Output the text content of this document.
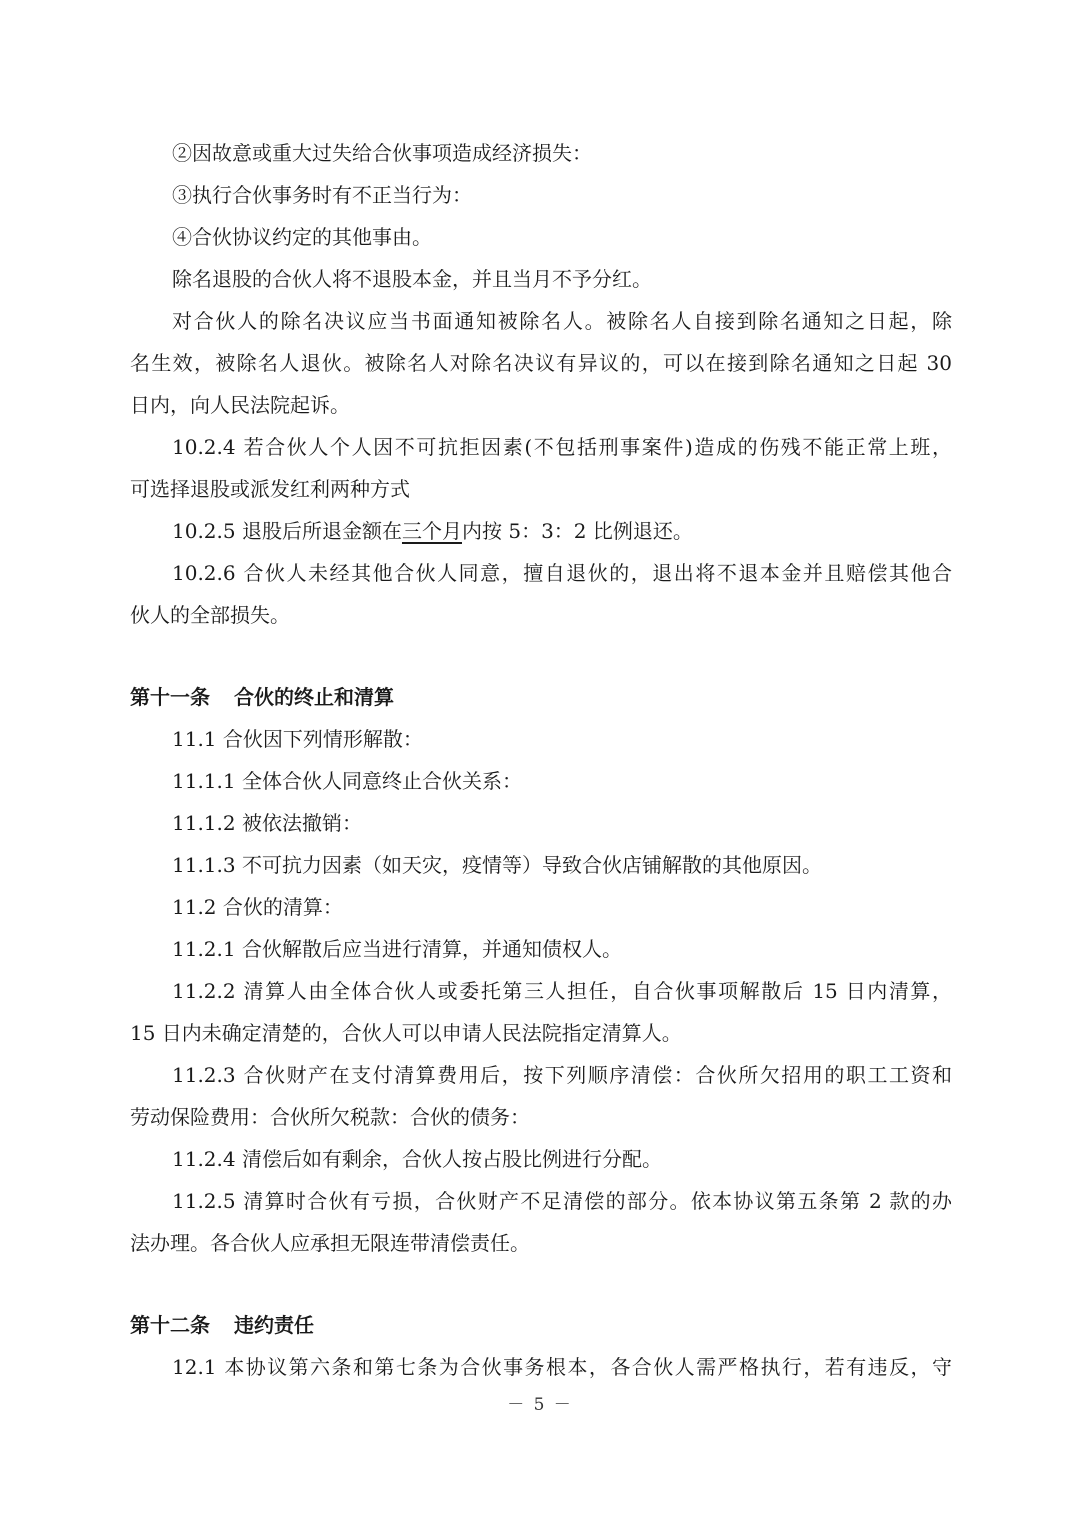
②因故意或重大过失给合伙事项造成经济损失：
③执行合伙事务时有不正当行为：
④合伙协议约定的其他事由。
除名退股的合伙人将不退股本金，并且当月不予分红。
对合伙人的除名决议应当书面通知被除名人。被除名人自接到除名通知之日起，除
名生效，被除名人退伙。被除名人对除名决议有异议的，可以在接到除名通知之日起 30
日内，向人民法院起诉。
10.2.4 若合伙人个人因不可抗拒因素(不包括刑事案件)造成的伤残不能正常上班，
可选择退股或派发红利两种方式
10.2.5 退股后所退金额在三个月内按 5：3：2 比例退还。
10.2.6 合伙人未经其他合伙人同意，擅自退伙的，退出将不退本金并且赔偿其他合
伙人的全部损失。
第十一条 合伙的终止和清算
11.1 合伙因下列情形解散：
11.1.1 全体合伙人同意终止合伙关系：
11.1.2 被依法撤销：
11.1.3 不可抗力因素（如天灾，疫情等）导致合伙店铺解散的其他原因。
11.2 合伙的清算：
11.2.1 合伙解散后应当进行清算，并通知债权人。
11.2.2 清算人由全体合伙人或委托第三人担任，自合伙事项解散后 15 日内清算，
15 日内未确定清楚的，合伙人可以申请人民法院指定清算人。
11.2.3 合伙财产在支付清算费用后，按下列顺序清偿：合伙所欠招用的职工工资和
劳动保险费用：合伙所欠税款：合伙的债务：
11.2.4 清偿后如有剩余，合伙人按占股比例进行分配。
11.2.5 清算时合伙有亏损，合伙财产不足清偿的部分。依本协议第五条第 2 款的办
法办理。各合伙人应承担无限连带清偿责任。
第十二条 违约责任
12.1 本协议第六条和第七条为合伙事务根本，各合伙人需严格执行，若有违反，守
－ 5 －
